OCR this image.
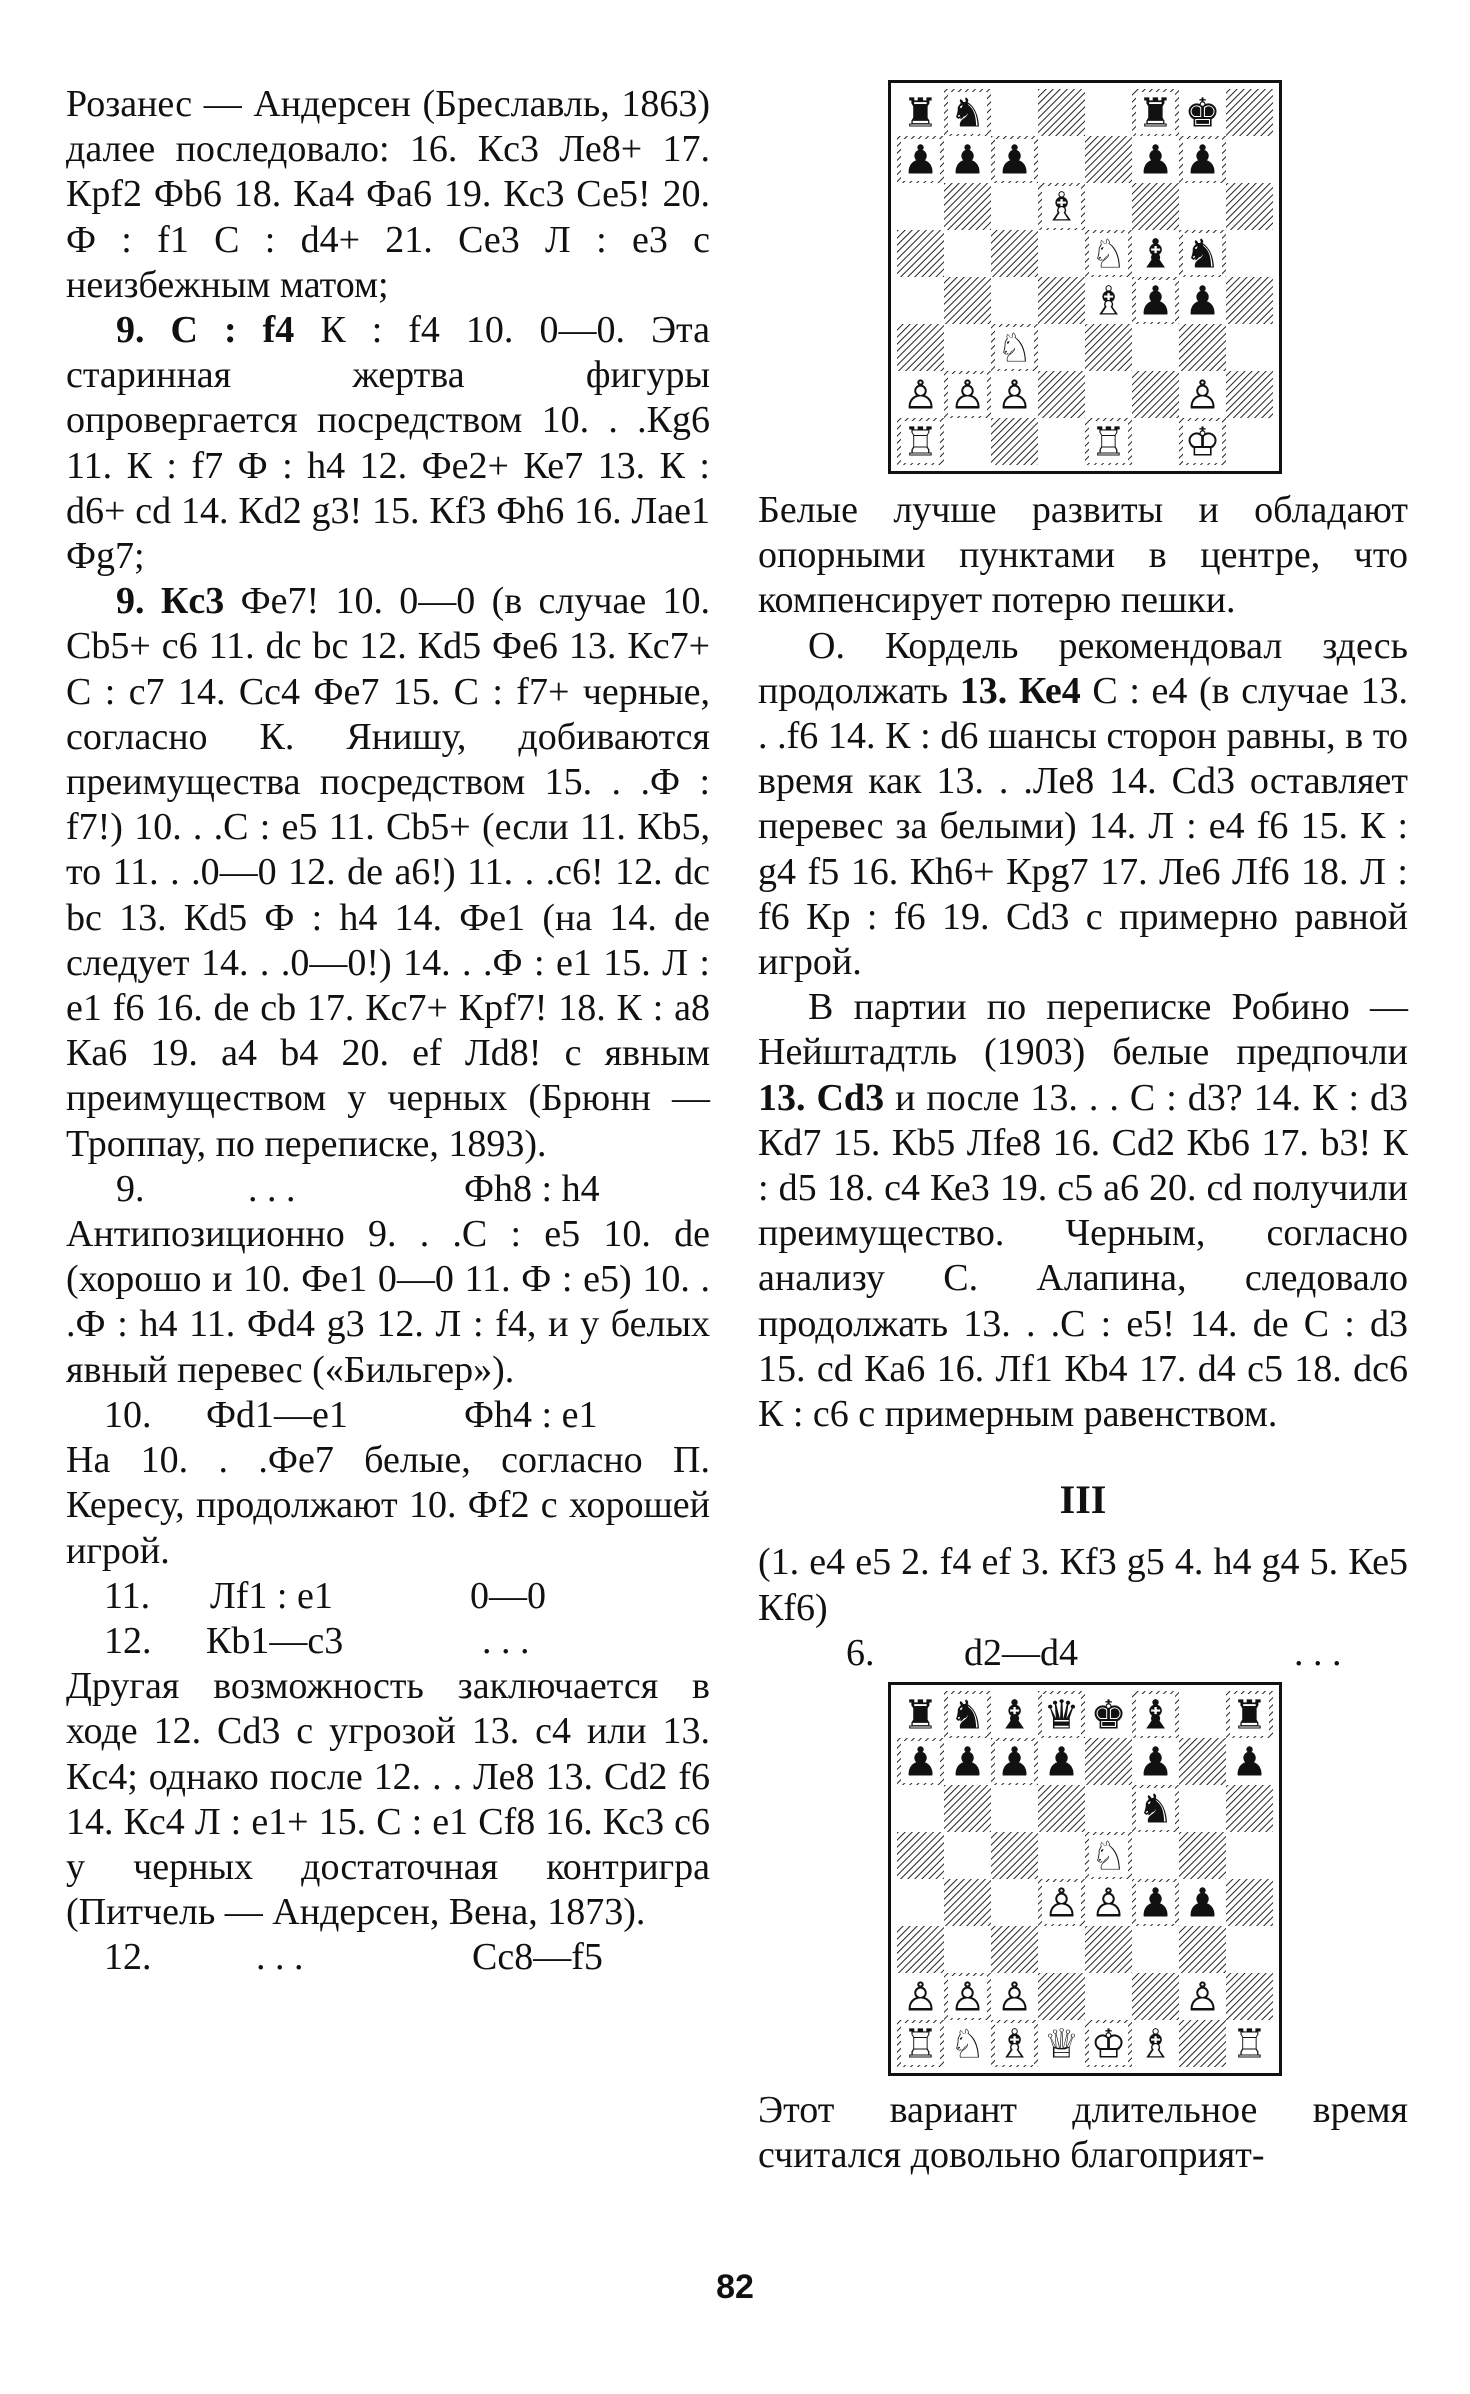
Розанес — Андерсен (Бреславль, 1863) далее последовало: 16. Кc3 Ле8+ 17. Крf2 Фb6 18. Кa4 Фa6 19. Кc3 Се5! 20. Ф : f1 С : d4+ 21. Се3 Л : е3 с неизбежным матом;

9. С : f4 К : f4 10. 0—0. Эта старинная жертва фигуры опровергается посредством 10. . .Кg6 11. К : f7 Ф : h4 12. Фе2+ Ке7 13. К : d6+ cd 14. Кd2 g3! 15. Кf3 Фh6 16. Лае1 Фg7;

9. Кc3 Фе7! 10. 0—0 (в случае 10. Сb5+ c6 11. dc bc 12. Кd5 Фе6 13. Кc7+ С : c7 14. Сc4 Фе7 15. С : f7+ черные, согласно К. Янишу, добиваются преимущества посредством 15. . .Ф : f7!) 10. . .С : е5 11. Сb5+ (если 11. Кb5, то 11. . .0—0 12. de a6!) 11. . .c6! 12. dc bc 13. Кd5 Ф : h4 14. Фе1 (на 14. de следует 14. . .0—0!) 14. . .Ф : е1 15. Л : е1 f6 16. de cb 17. Кc7+ Крf7! 18. К : a8 Кa6 19. a4 b4 20. ef Лd8! с явным преимуществом у черных (Брюнн — Троппау, по переписке, 1893).

9.	. . .	Фh8 : h4

Антипозиционно 9. . .С : е5 10. de (хорошо и 10. Фе1 0—0 11. Ф : е5) 10. . .Ф : h4 11. Фd4 g3 12. Л : f4, и у белых явный перевес («Бильгер»).

10.	Фd1—е1	Фh4 : е1

На 10. . .Фе7 белые, согласно П. Кересу, продолжают 10. Фf2 с хорошей игрой.

11.	Лf1 : е1	0—0
12.	Кb1—c3	. . .

Другая возможность заключается в ходе 12. Сd3 с угрозой 13. c4 или 13. Кc4; однако после 12. . . Ле8 13. Сd2 f6 14. Кc4 Л : е1+ 15. С : е1 Сf8 16. Кc3 c6 у черных достаточная контригра (Питчель — Андерсен, Вена, 1873).

12.	. . .	Сc8—f5
♜ ♞	♜ ♚
♟ ♟ ♟	♟ ♟
♗
♘ ♝ ♞
♗ ♟ ♟
♘
♙ ♙ ♙	♙
♖	♖ ♔

Белые лучше развиты и обладают опорными пунктами в центре, что компенсирует потерю пешки.

О. Кордель рекомендовал здесь продолжать 13. Ке4 С : е4 (в случае 13. . .f6 14. К : d6 шансы сторон равны, в то время как 13. . .Ле8 14. Сd3 оставляет перевес за белыми) 14. Л : е4 f6 15. К : g4 f5 16. Кh6+ Крg7 17. Ле6 Лf6 18. Л : f6 Кр : f6 19. Сd3 с примерно равной игрой.

В партии по переписке Робино — Нейштадтль (1903) белые предпочли 13. Сd3 и после 13. . . С : d3? 14. К : d3 Кd7 15. Кb5 Лfе8 16. Сd2 Кb6 17. b3! К : d5 18. c4 Ке3 19. c5 a6 20. cd получили преимущество. Черным, согласно анализу С. Алапина, следовало продолжать 13. . .С : е5! 14. de С : d3 15. cd Кa6 16. Лf1 Кb4 17. d4 c5 18. dc6 К : c6 с примерным равенством.

III

(1. e4 e5 2. f4 ef 3. Кf3 g5 4. h4 g4 5. Ке5 Кf6)

6.	d2—d4	. . .
♜ ♞ ♝ ♛ ♚ ♝ ♜
♟ ♟ ♟ ♟ ♟ ♟
♞
♘
♙ ♙ ♟ ♟
♙ ♙ ♙	♙
♖ ♘ ♗ ♕ ♔ ♗ ♖

Этот вариант длительное время считался довольно благоприят-

82
